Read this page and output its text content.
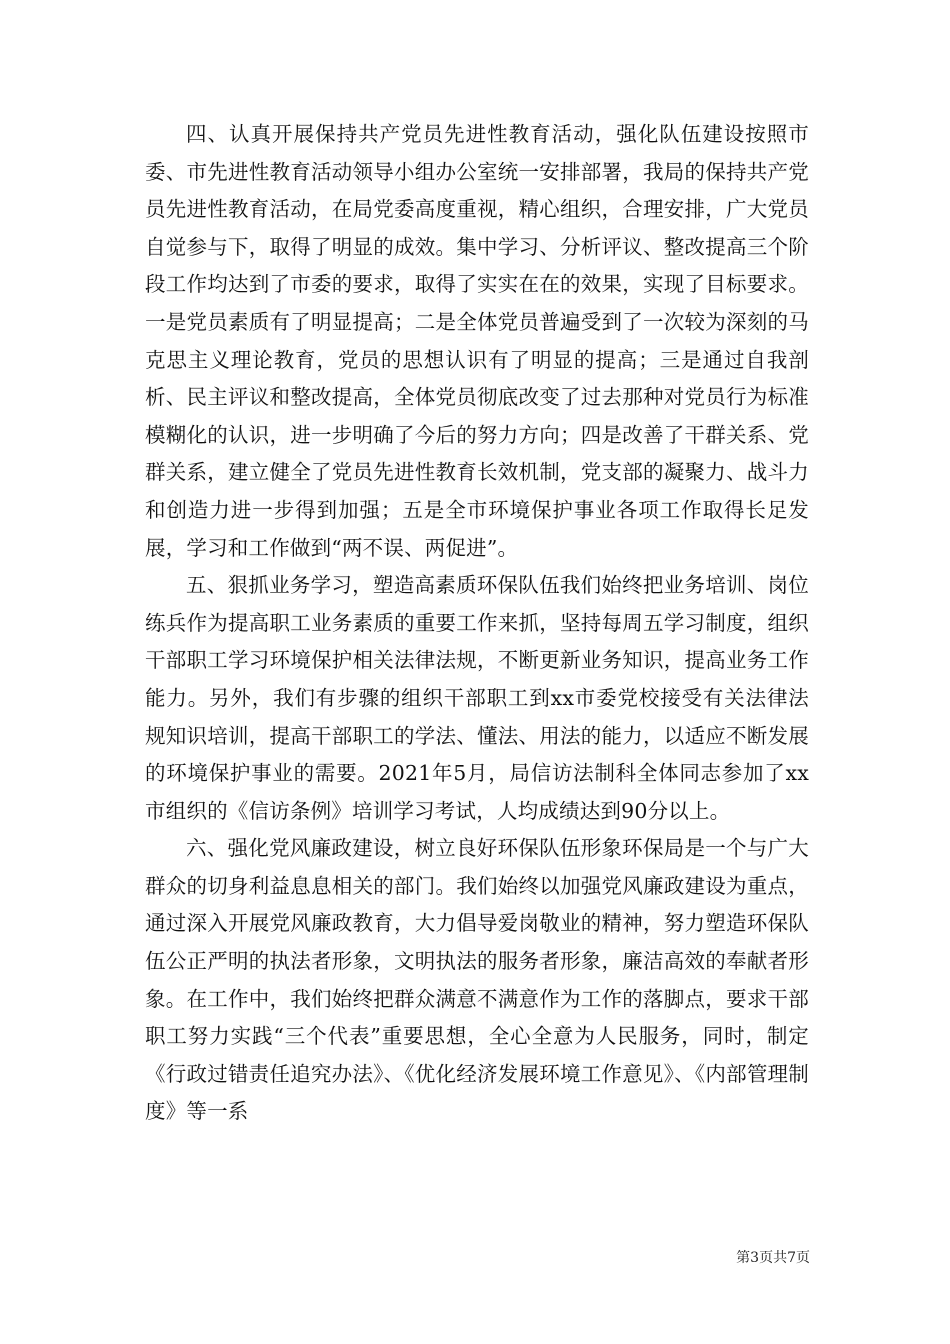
四、认真开展保持共产党员先进性教育活动，强化队伍建设按照市委、市先进性教育活动领导小组办公室统一安排部署，我局的保持共产党员先进性教育活动，在局党委高度重视，精心组织，合理安排，广大党员自觉参与下，取得了明显的成效。集中学习、分析评议、整改提高三个阶段工作均达到了市委的要求，取得了实实在在的效果，实现了目标要求。一是党员素质有了明显提高；二是全体党员普遍受到了一次较为深刻的马克思主义理论教育，党员的思想认识有了明显的提高；三是通过自我剖析、民主评议和整改提高，全体党员彻底改变了过去那种对党员行为标准模糊化的认识，进一步明确了今后的努力方向；四是改善了干群关系、党群关系，建立健全了党员先进性教育长效机制，党支部的凝聚力、战斗力和创造力进一步得到加强；五是全市环境保护事业各项工作取得长足发展，学习和工作做到“两不误、两促进”。

五、狠抓业务学习，塑造高素质环保队伍我们始终把业务培训、岗位练兵作为提高职工业务素质的重要工作来抓，坚持每周五学习制度，组织干部职工学习环境保护相关法律法规，不断更新业务知识，提高业务工作能力。另外，我们有步骤的组织干部职工到xx市委党校接受有关法律法规知识培训，提高干部职工的学法、懂法、用法的能力，以适应不断发展的环境保护事业的需要。2021年5月，局信访法制科全体同志参加了xx市组织的《信访条例》培训学习考试，人均成绩达到90分以上。

六、强化党风廉政建设，树立良好环保队伍形象环保局是一个与广大群众的切身利益息息相关的部门。我们始终以加强党风廉政建设为重点，通过深入开展党风廉政教育，大力倡导爱岗敬业的精神，努力塑造环保队伍公正严明的执法者形象，文明执法的服务者形象，廉洁高效的奉献者形象。在工作中，我们始终把群众满意不满意作为工作的落脚点，要求干部职工努力实践“三个代表”重要思想，全心全意为人民服务，同时，制定《行政过错责任追究办法》、《优化经济发展环境工作意见》、《内部管理制度》等一系

第3页共7页
